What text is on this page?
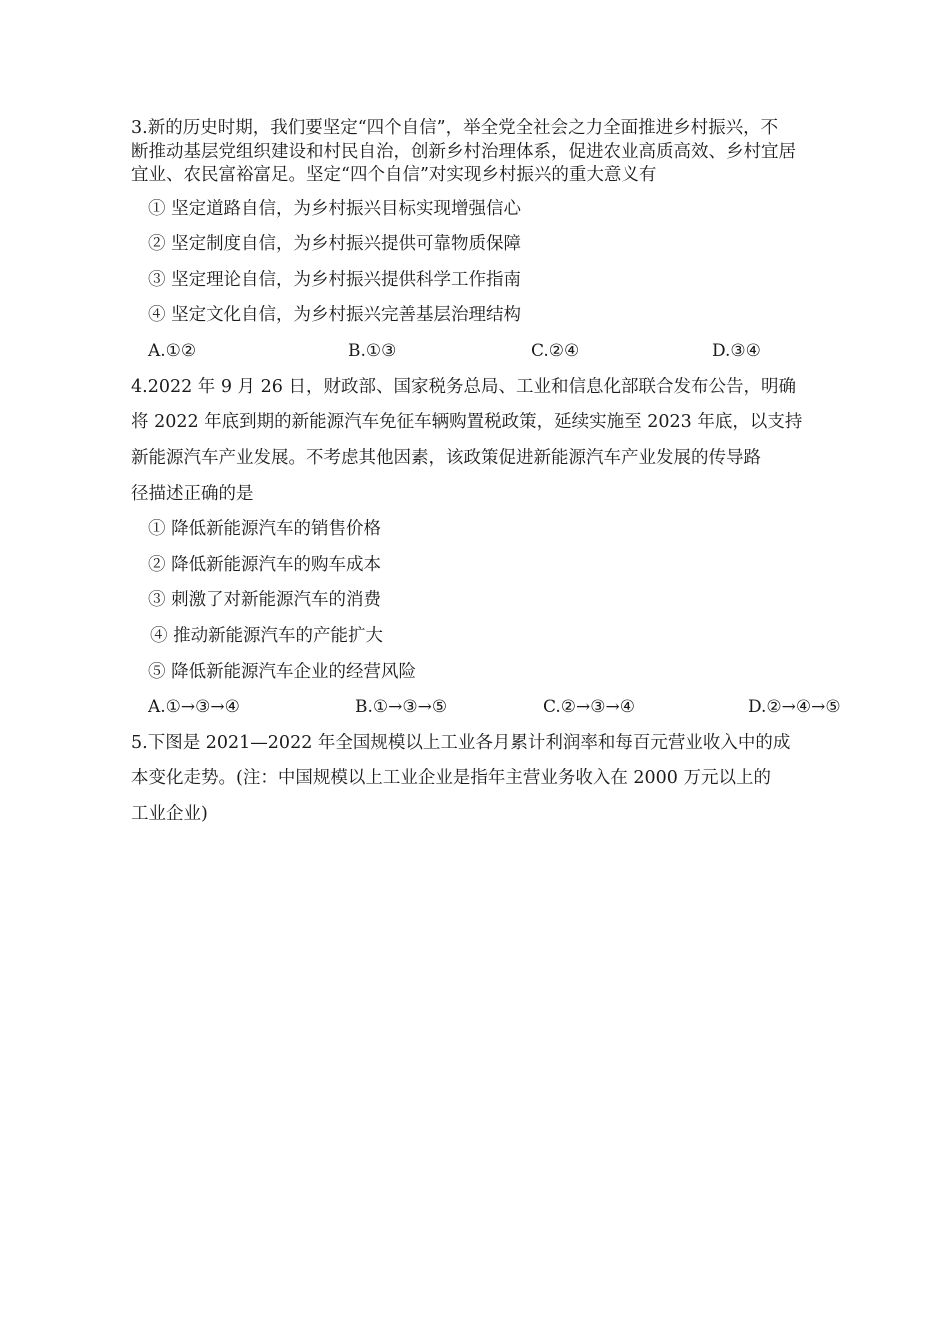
3.新的历史时期，我们要坚定“四个自信”，举全党全社会之力全面推进乡村振兴，不
断推动基层党组织建设和村民自治，创新乡村治理体系，促进农业高质高效、乡村宜居
宜业、农民富裕富足。坚定“四个自信”对实现乡村振兴的重大意义有
① 坚定道路自信，为乡村振兴目标实现增强信心
② 坚定制度自信，为乡村振兴提供可靠物质保障
③ 坚定理论自信，为乡村振兴提供科学工作指南
④ 坚定文化自信，为乡村振兴完善基层治理结构
A.①②	B.①③	C.②④	D.③④
4.2022 年 9 月 26 日，财政部、国家税务总局、工业和信息化部联合发布公告，明确
将 2022 年底到期的新能源汽车免征车辆购置税政策，延续实施至 2023 年底，以支持
新能源汽车产业发展。不考虑其他因素，该政策促进新能源汽车产业发展的传导路
径描述正确的是
① 降低新能源汽车的销售价格
② 降低新能源汽车的购车成本
③ 刺激了对新能源汽车的消费
④ 推动新能源汽车的产能扩大
⑤ 降低新能源汽车企业的经营风险
A.①→③→④	B.①→③→⑤	C.②→③→④	D.②→④→⑤
5.下图是 2021—2022 年全国规模以上工业各月累计利润率和每百元营业收入中的成
本变化走势。(注：中国规模以上工业企业是指年主营业务收入在 2000 万元以上的
工业企业)
